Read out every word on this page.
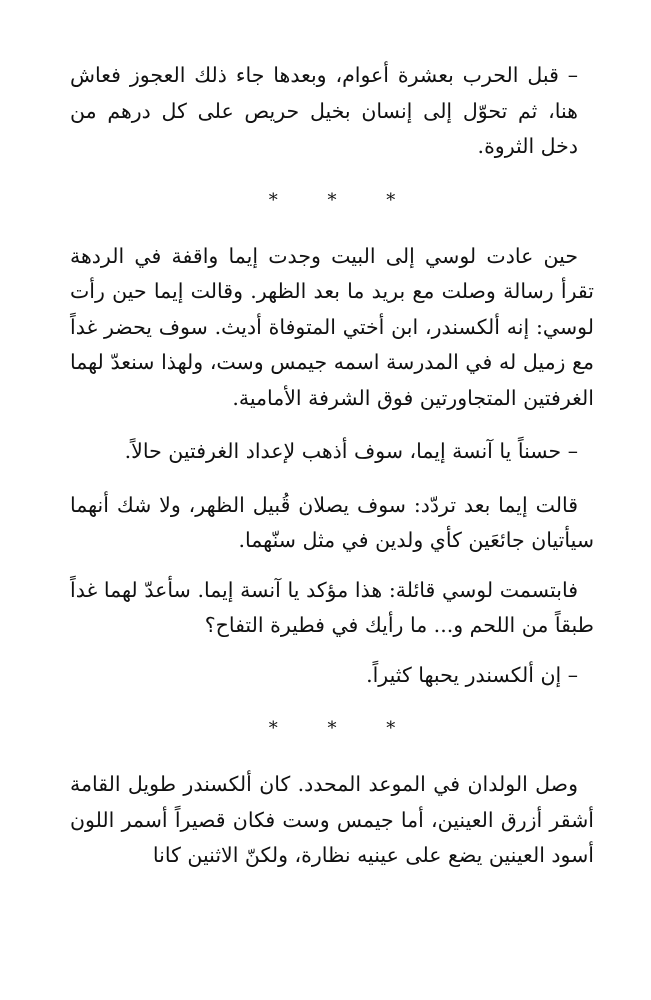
– قبل الحرب بعشرة أعوام، وبعدها جاء ذلك العجوز فعاش هنا، ثم تحوّل إلى إنسان بخيل حريص على كل درهم من دخل الثروة.

* * *

حين عادت لوسي إلى البيت وجدت إيما واقفة في الردهة تقرأ رسالة وصلت مع بريد ما بعد الظهر. وقالت إيما حين رأت لوسي: إنه ألكسندر، ابن أختي المتوفاة أديث. سوف يحضر غداً مع زميل له في المدرسة اسمه جيمس وست، ولهذا سنعدّ لهما الغرفتين المتجاورتين فوق الشرفة الأمامية.

– حسناً يا آنسة إيما، سوف أذهب لإعداد الغرفتين حالاً.

قالت إيما بعد تردّد: سوف يصلان قُبيل الظهر، ولا شك أنهما سيأتيان جائعَين كأي ولدين في مثل سنّهما.

فابتسمت لوسي قائلة: هذا مؤكد يا آنسة إيما. سأعدّ لهما غداً طبقاً من اللحم و... ما رأيك في فطيرة التفاح؟

– إن ألكسندر يحبها كثيراً.

* * *

وصل الولدان في الموعد المحدد. كان ألكسندر طويل القامة أشقر أزرق العينين، أما جيمس وست فكان قصيراً أسمر اللون أسود العينين يضع على عينيه نظارة، ولكنّ الاثنين كانا
